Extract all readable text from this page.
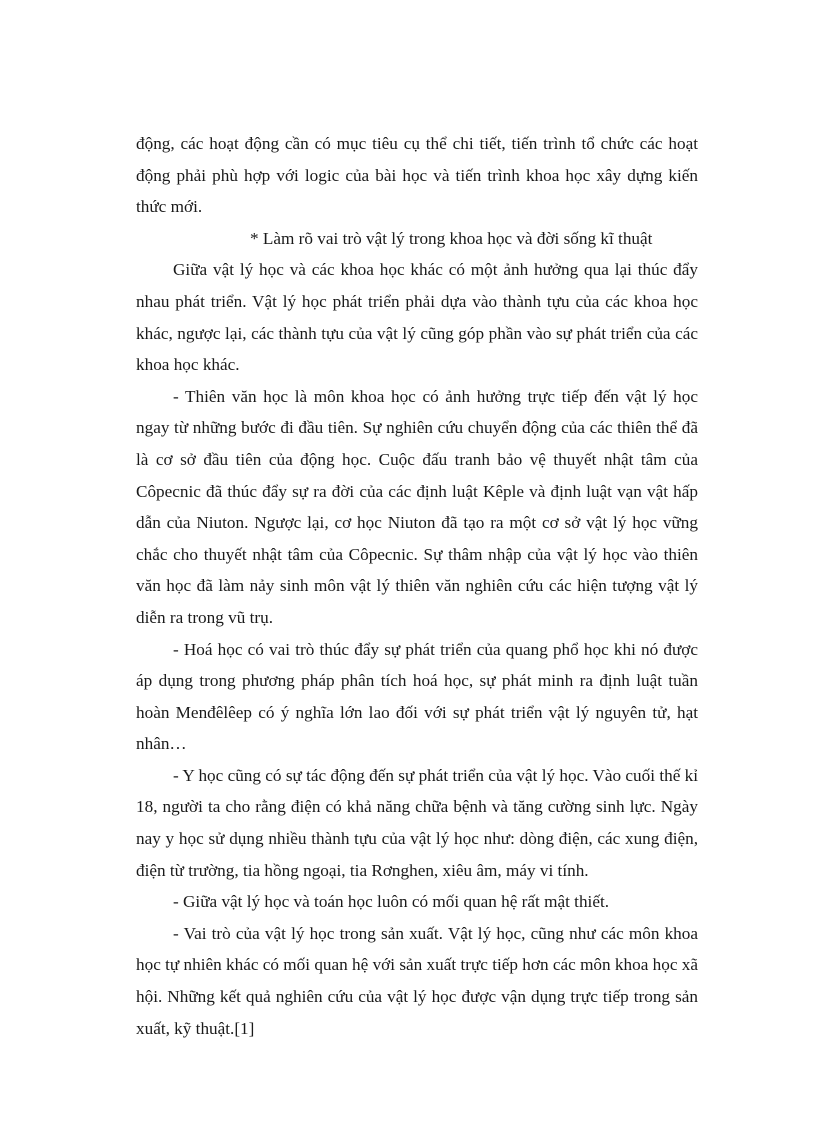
động, các hoạt động cần có mục tiêu cụ thể chi tiết, tiến trình tổ chức các hoạt động phải phù hợp với logic của bài học và tiến trình khoa học xây dựng kiến thức mới.

* Làm rõ vai trò vật lý trong khoa học và đời sống kĩ thuật

Giữa vật lý học và các khoa học khác có một ảnh hưởng qua lại thúc đẩy nhau phát triển. Vật lý học phát triển phải dựa vào thành tựu của các khoa học khác, ngược lại, các thành tựu của vật lý cũng góp phần vào sự phát triển của các khoa học khác.

- Thiên văn học là môn khoa học có ảnh hưởng trực tiếp đến vật lý học ngay từ những bước đi đầu tiên. Sự nghiên cứu chuyển động của các thiên thể đã là cơ sở đầu tiên của động học. Cuộc đấu tranh bảo vệ thuyết nhật tâm của Côpecnic đã thúc đẩy sự ra đời của các định luật Kêple và định luật vạn vật hấp dẫn của Niuton. Ngược lại, cơ học Niuton đã tạo ra một cơ sở vật lý học vững chắc cho thuyết nhật tâm của Côpecnic. Sự thâm nhập của vật lý học vào thiên văn học đã làm nảy sinh môn vật lý thiên văn nghiên cứu các hiện tượng vật lý diễn ra trong vũ trụ.

- Hoá học có vai trò thúc đẩy sự phát triển của quang phổ học khi nó được áp dụng trong phương pháp phân tích hoá học, sự phát minh ra định luật tuần hoàn Menđêlêep có ý nghĩa lớn lao đối với sự phát triển vật lý nguyên tử, hạt nhân…

- Y học cũng có sự tác động đến sự phát triển của vật lý học. Vào cuối thế kỉ 18, người ta cho rằng điện có khả năng chữa bệnh và tăng cường sinh lực. Ngày nay y học sử dụng nhiều thành tựu của vật lý học như: dòng điện, các xung điện, điện từ trường, tia hồng ngoại, tia Rơnghen, xiêu âm, máy vi tính.

- Giữa vật lý học và toán học luôn có mối quan hệ rất mật thiết.

- Vai trò của vật lý học trong sản xuất. Vật lý học, cũng như các môn khoa học tự nhiên khác có mối quan hệ với sản xuất trực tiếp hơn các môn khoa học xã hội. Những kết quả nghiên cứu của vật lý học được vận dụng trực tiếp trong sản xuất, kỹ thuật.[1]
